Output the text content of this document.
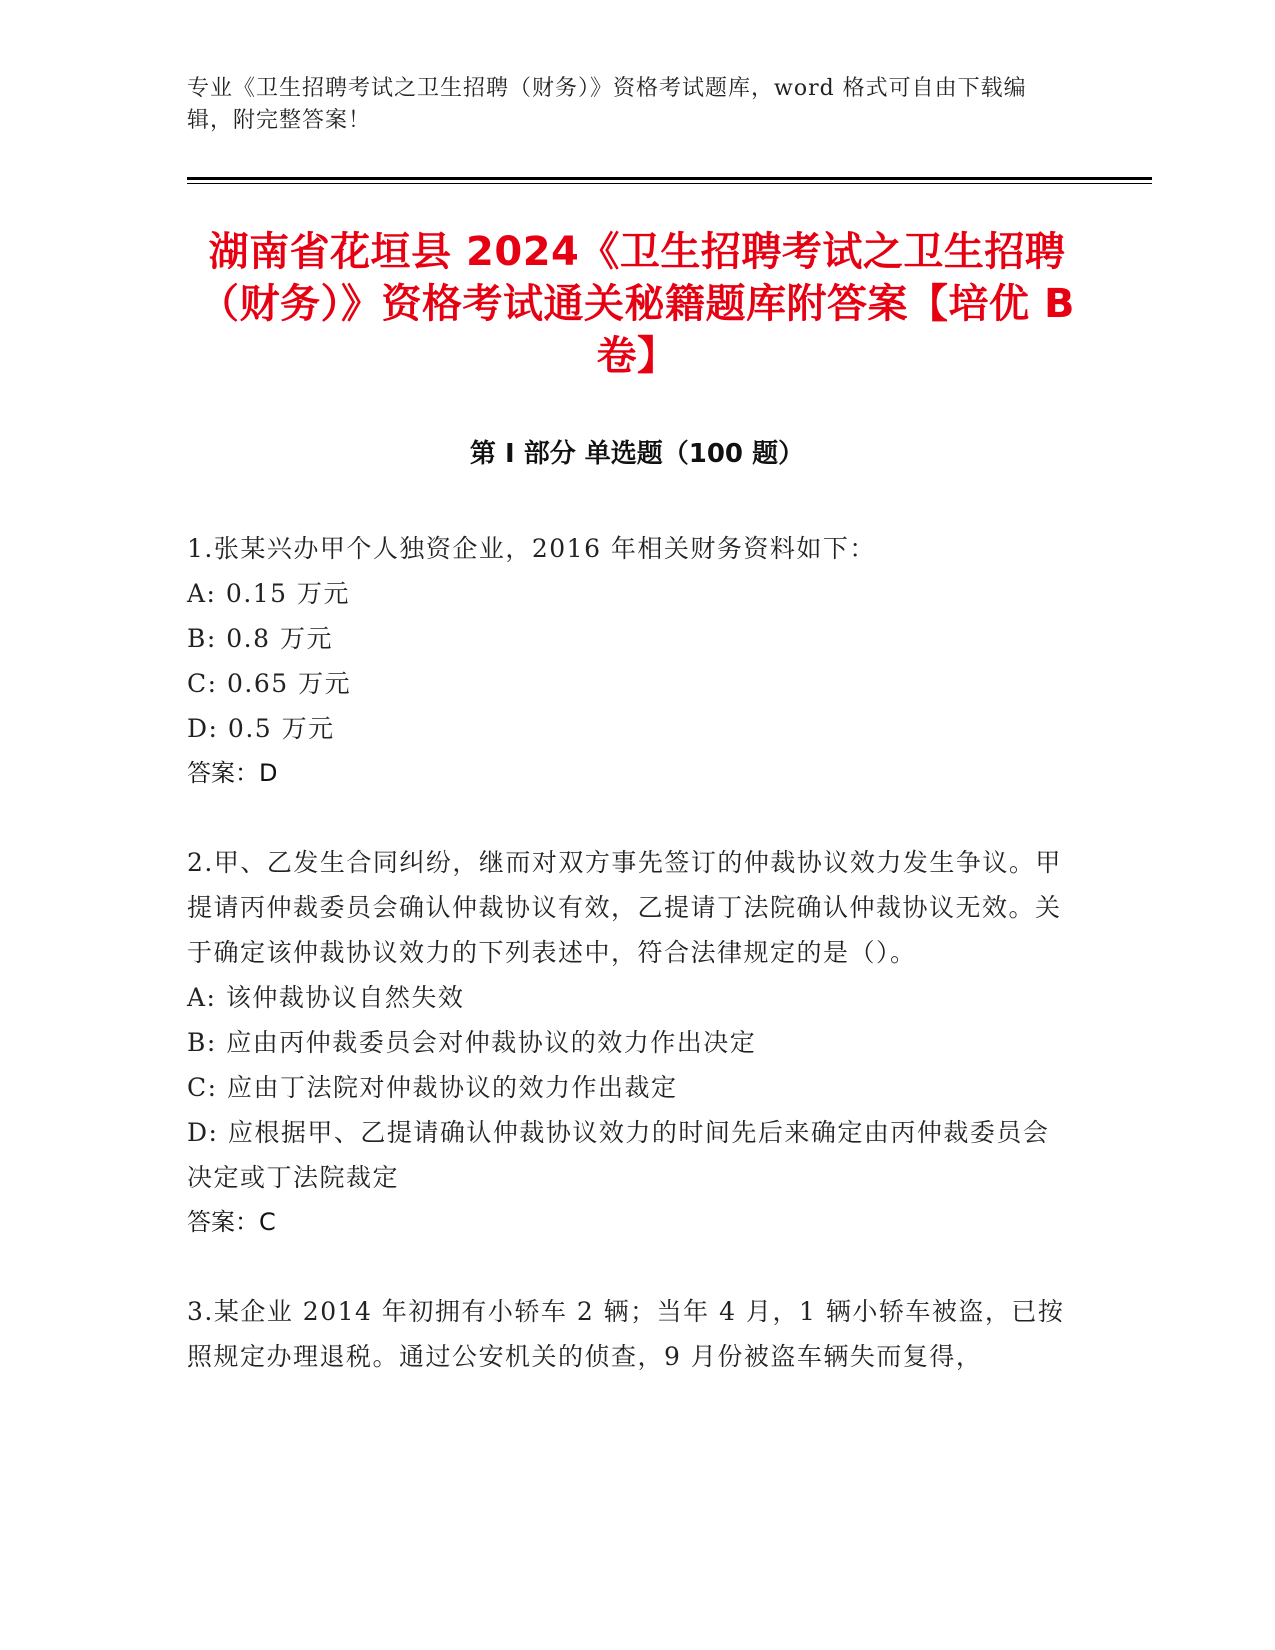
专业《卫生招聘考试之卫生招聘（财务）》资格考试题库，word 格式可自由下载编辑，附完整答案！
湖南省花垣县 2024《卫生招聘考试之卫生招聘（财务）》资格考试通关秘籍题库附答案【培优 B 卷】
第 I 部分 单选题（100 题）
1.张某兴办甲个人独资企业，2016 年相关财务资料如下：
A: 0.15 万元
B: 0.8 万元
C: 0.65 万元
D: 0.5 万元
答案：D
2.甲、乙发生合同纠纷，继而对双方事先签订的仲裁协议效力发生争议。甲提请丙仲裁委员会确认仲裁协议有效，乙提请丁法院确认仲裁协议无效。关于确定该仲裁协议效力的下列表述中，符合法律规定的是（）。
A: 该仲裁协议自然失效
B: 应由丙仲裁委员会对仲裁协议的效力作出决定
C: 应由丁法院对仲裁协议的效力作出裁定
D: 应根据甲、乙提请确认仲裁协议效力的时间先后来确定由丙仲裁委员会决定或丁法院裁定
答案：C
3.某企业 2014 年初拥有小轿车 2 辆；当年 4 月，1 辆小轿车被盗，已按照规定办理退税。通过公安机关的侦查，9 月份被盗车辆失而复得，
